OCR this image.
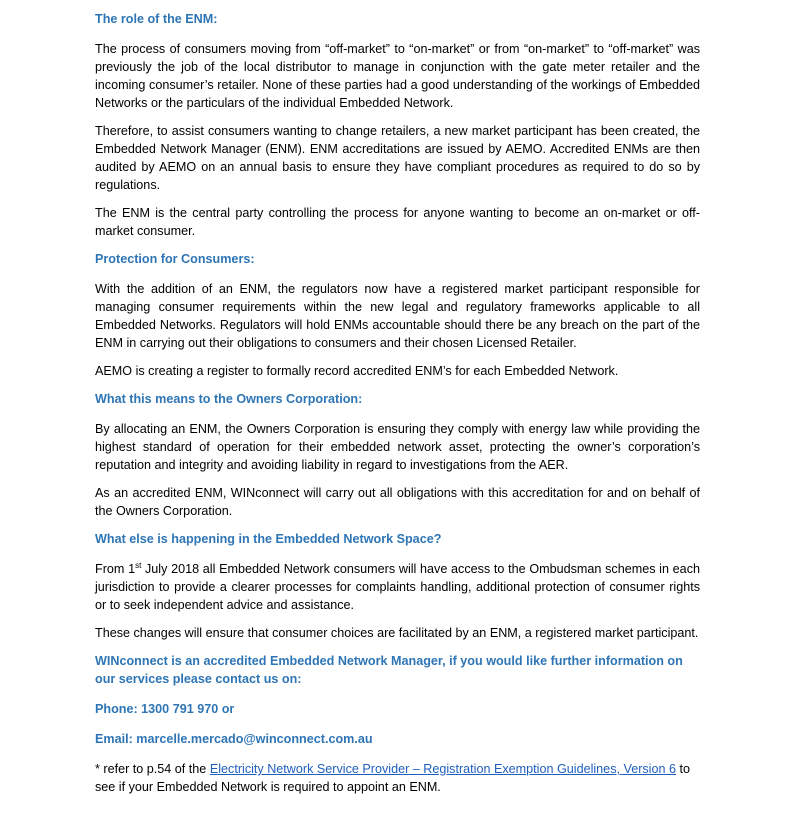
The role of the ENM:
The process of consumers moving from “off-market” to “on-market” or from “on-market” to “off-market” was previously the job of the local distributor to manage in conjunction with the gate meter retailer and the incoming consumer’s retailer. None of these parties had a good understanding of the workings of Embedded Networks or the particulars of the individual Embedded Network.
Therefore, to assist consumers wanting to change retailers, a new market participant has been created, the Embedded Network Manager (ENM). ENM accreditations are issued by AEMO. Accredited ENMs are then audited by AEMO on an annual basis to ensure they have compliant procedures as required to do so by regulations.
The ENM is the central party controlling the process for anyone wanting to become an on-market or off-market consumer.
Protection for Consumers:
With the addition of an ENM, the regulators now have a registered market participant responsible for managing consumer requirements within the new legal and regulatory frameworks applicable to all Embedded Networks. Regulators will hold ENMs accountable should there be any breach on the part of the ENM in carrying out their obligations to consumers and their chosen Licensed Retailer.
AEMO is creating a register to formally record accredited ENM’s for each Embedded Network.
What this means to the Owners Corporation:
By allocating an ENM, the Owners Corporation is ensuring they comply with energy law while providing the highest standard of operation for their embedded network asset, protecting the owner’s corporation’s reputation and integrity and avoiding liability in regard to investigations from the AER.
As an accredited ENM, WINconnect will carry out all obligations with this accreditation for and on behalf of the Owners Corporation.
What else is happening in the Embedded Network Space?
From 1st July 2018 all Embedded Network consumers will have access to the Ombudsman schemes in each jurisdiction to provide a clearer processes for complaints handling, additional protection of consumer rights or to seek independent advice and assistance.
These changes will ensure that consumer choices are facilitated by an ENM, a registered market participant.
WINconnect is an accredited Embedded Network Manager, if you would like further information on our services please contact us on:
Phone: 1300 791 970 or
Email: marcelle.mercado@winconnect.com.au
* refer to p.54 of the Electricity Network Service Provider – Registration Exemption Guidelines, Version 6 to see if your Embedded Network is required to appoint an ENM.
